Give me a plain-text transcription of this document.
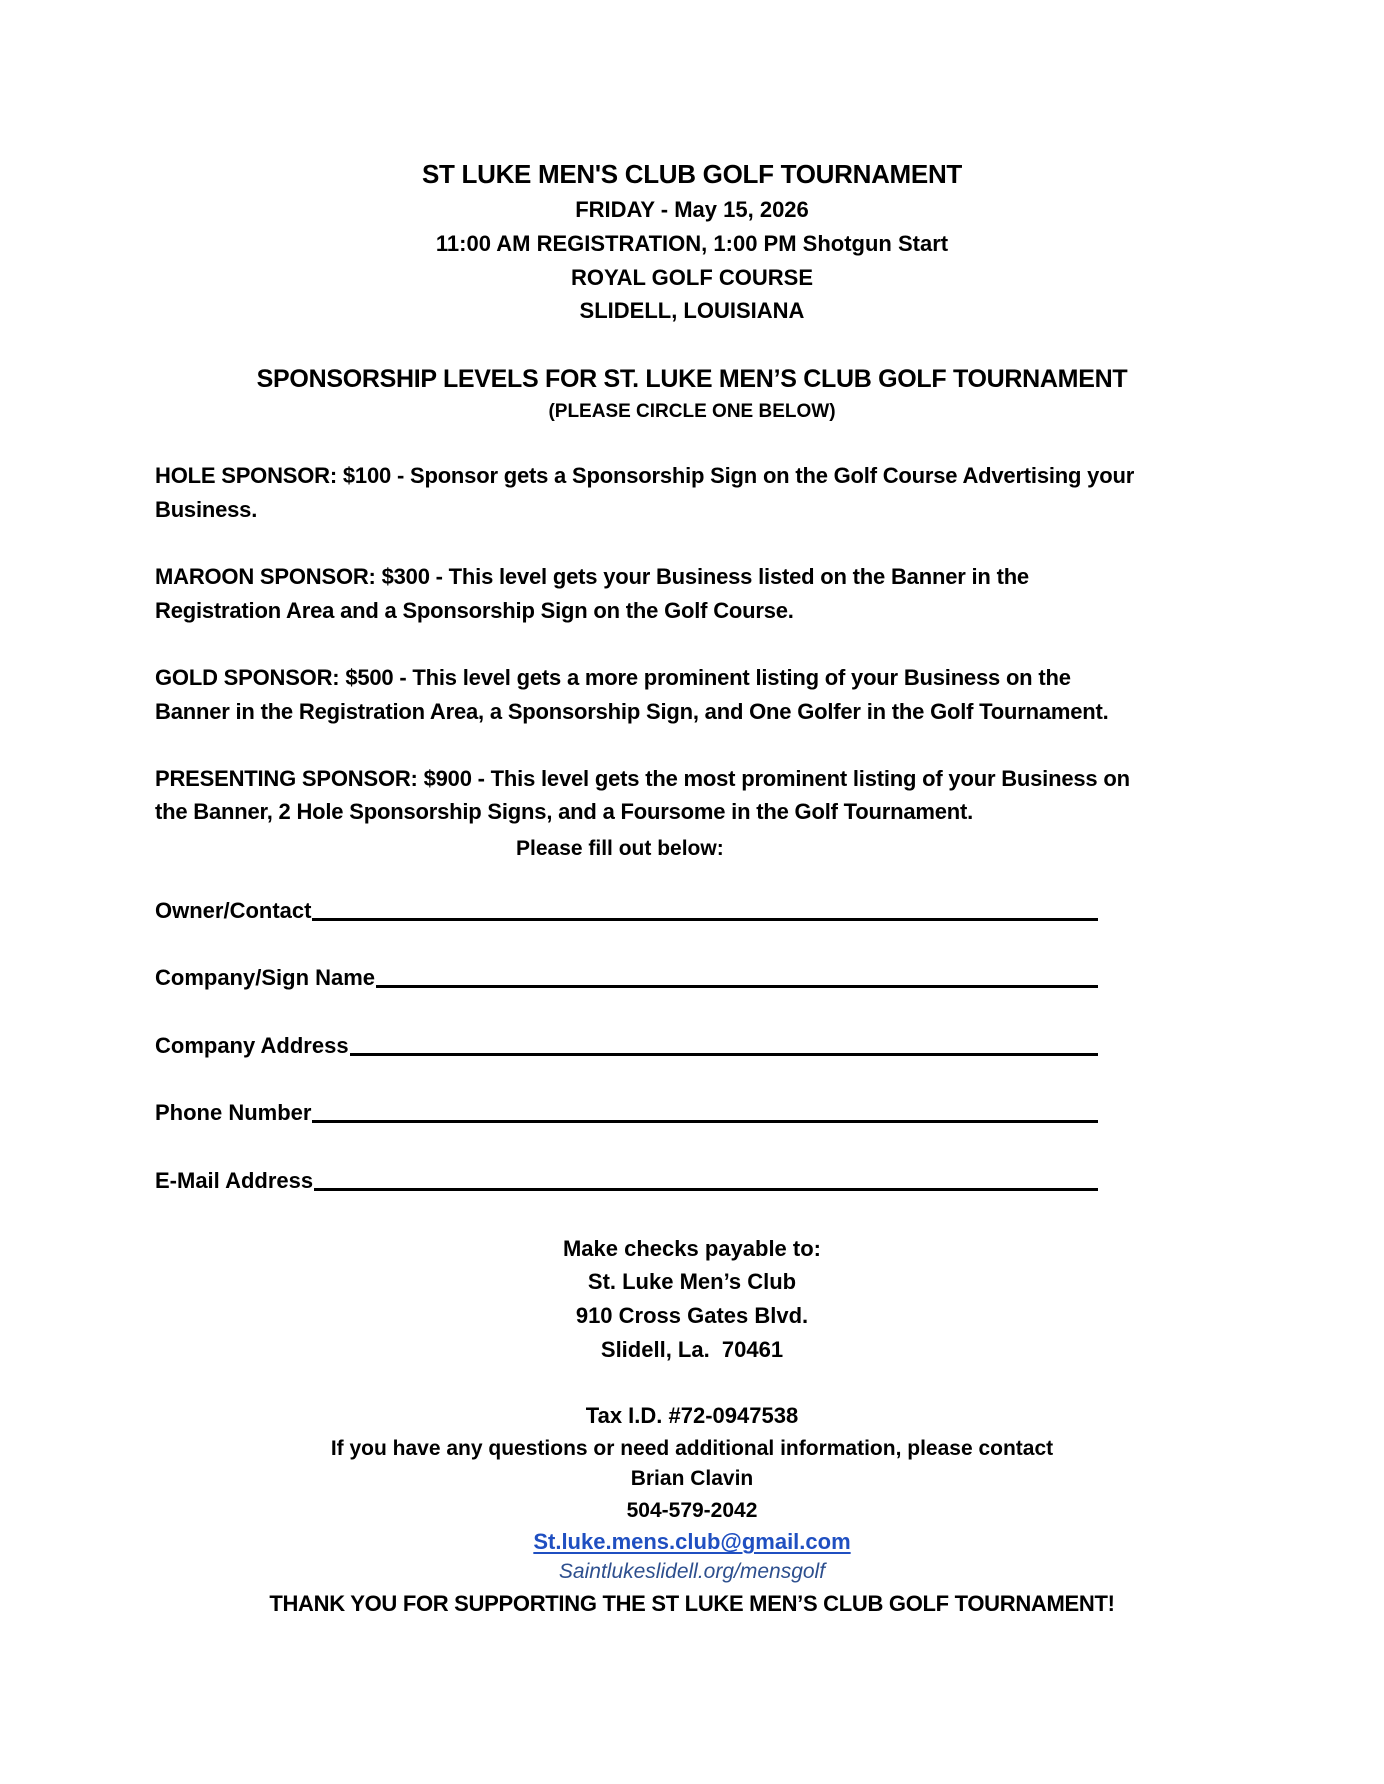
ST LUKE MEN'S CLUB GOLF TOURNAMENT
FRIDAY - May 15, 2026
11:00 AM REGISTRATION, 1:00 PM Shotgun Start
ROYAL GOLF COURSE
SLIDELL, LOUISIANA
SPONSORSHIP LEVELS FOR ST. LUKE MEN’S CLUB GOLF TOURNAMENT
(PLEASE CIRCLE ONE BELOW)
HOLE SPONSOR: $100 - Sponsor gets a Sponsorship Sign on the Golf Course Advertising your
Business.
MAROON SPONSOR: $300 - This level gets your Business listed on the Banner in the
Registration Area and a Sponsorship Sign on the Golf Course.
GOLD SPONSOR: $500 - This level gets a more prominent listing of your Business on the
Banner in the Registration Area, a Sponsorship Sign, and One Golfer in the Golf Tournament.
PRESENTING SPONSOR: $900 - This level gets the most prominent listing of your Business on
the Banner, 2 Hole Sponsorship Signs, and a Foursome in the Golf Tournament.
Please fill out below:
Owner/Contact
Company/Sign Name
Company Address
Phone Number
E-Mail Address
Make checks payable to:
St. Luke Men’s Club
910 Cross Gates Blvd.
Slidell, La.  70461
Tax I.D. #72-0947538
If you have any questions or need additional information, please contact
Brian Clavin
504-579-2042
St.luke.mens.club@gmail.com
Saintlukeslidell.org/mensgolf
THANK YOU FOR SUPPORTING THE ST LUKE MEN’S CLUB GOLF TOURNAMENT!
